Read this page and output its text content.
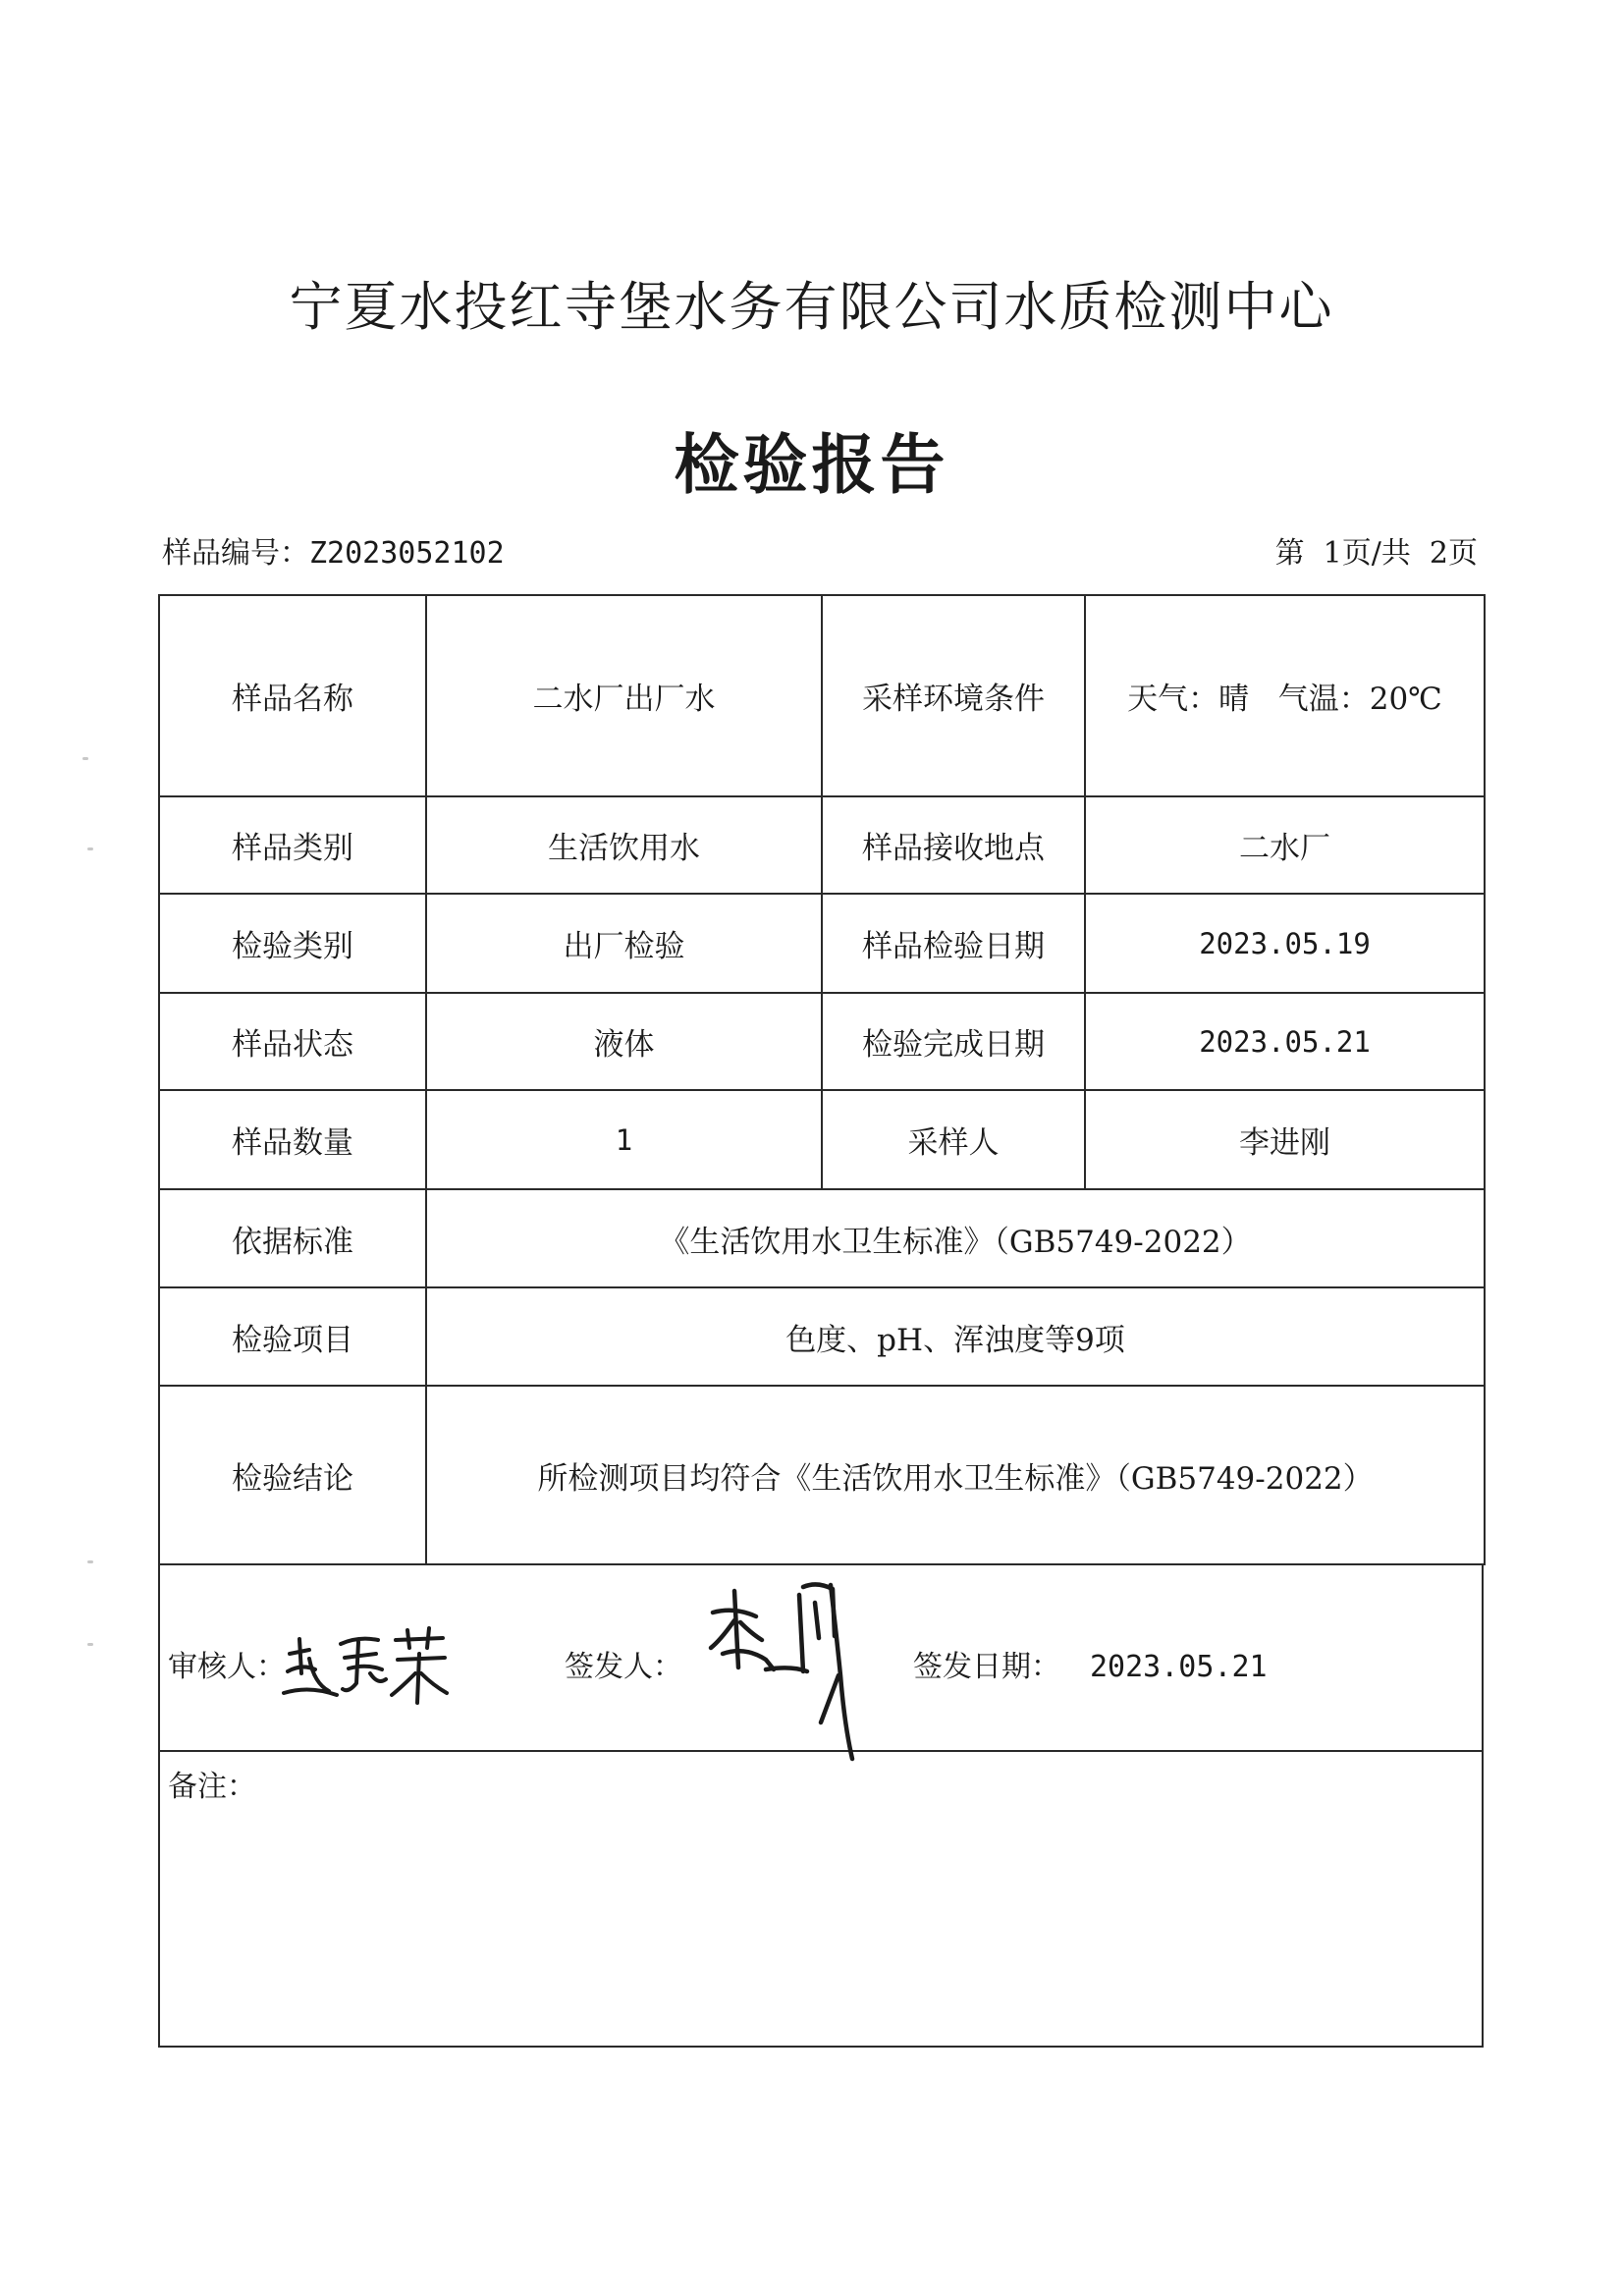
宁夏水投红寺堡水务有限公司水质检测中心
检验报告
样品编号：Z2023052102	第  1页/共  2页
样品名称	二水厂出厂水	采样环境条件	天气：晴   气温：20℃
样品类别	生活饮用水	样品接收地点	二水厂
检验类别	出厂检验	样品检验日期	2023.05.19
样品状态	液体	检验完成日期	2023.05.21
样品数量	1	采样人	李进刚
依据标准	《生活饮用水卫生标准》（GB5749-2022）		
检验项目	色度、pH、浑浊度等9项		
检验结论	所检测项目均符合《生活饮用水卫生标准》（GB5749-2022）		
审核人：	签发人：	签发日期： 2023.05.21
备注：
